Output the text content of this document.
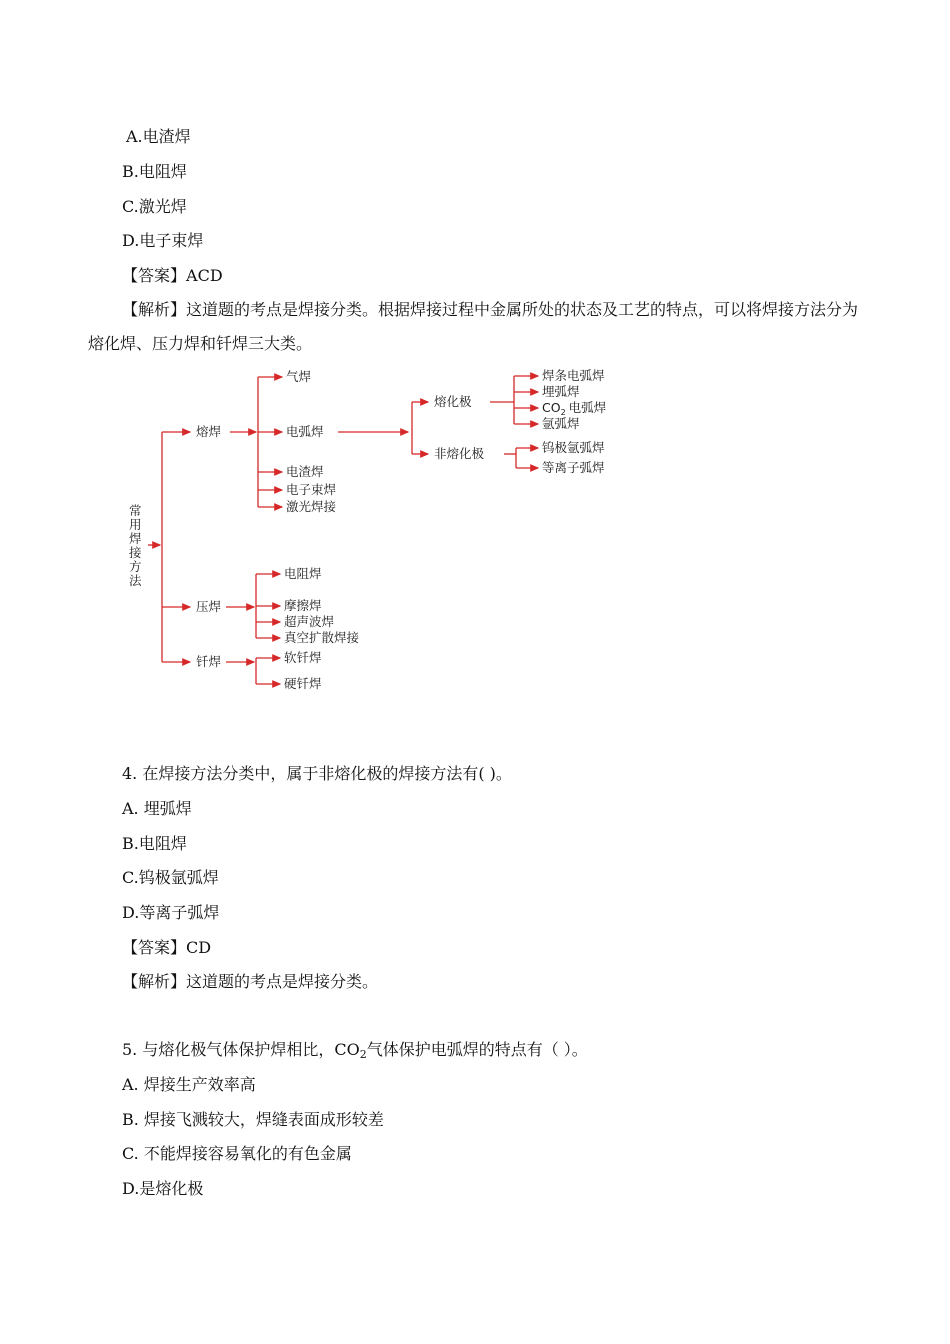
A.电渣焊
B.电阻焊
C.激光焊
D.电子束焊
【答案】ACD
【解析】这道题的考点是焊接分类。根据焊接过程中金属所处的状态及工艺的特点，可以将焊接方法分为熔化焊、压力焊和钎焊三大类。
常
用
焊
接
方
法
熔焊
气焊
电弧焊
电渣焊
电子束焊
激光焊接
熔化极
非熔化极
焊条电弧焊
埋弧焊
$CO_2$ 电弧焊
氩弧焊
钨极氩弧焊
等离子弧焊
压焊
电阻焊
摩擦焊
超声波焊
真空扩散焊接
钎焊	软钎焊
硬钎焊
4. 在焊接方法分类中，属于非熔化极的焊接方法有( )。
A. 埋弧焊
B.电阻焊
C.钨极氩弧焊
D.等离子弧焊
【答案】CD
【解析】这道题的考点是焊接分类。
5. 与熔化极气体保护焊相比，$CO_2$气体保护电弧焊的特点有（ ）。
A. 焊接生产效率高
B. 焊接飞溅较大，焊缝表面成形较差
C. 不能焊接容易氧化的有色金属
D.是熔化极
